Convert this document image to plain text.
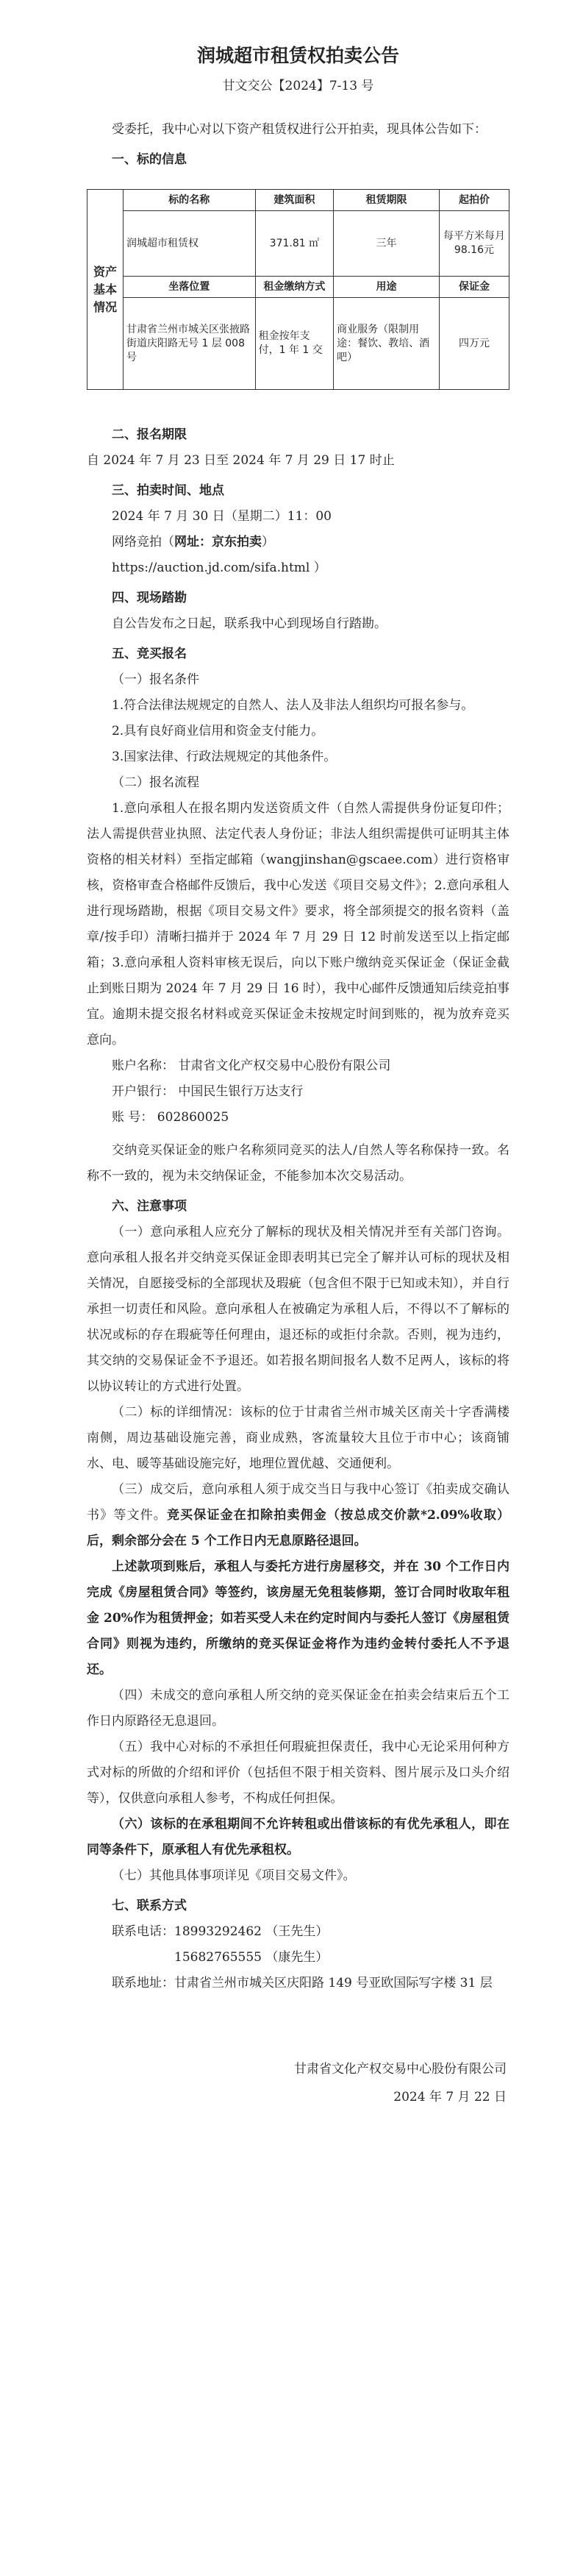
润城超市租赁权拍卖公告

甘文交公【2024】7-13 号

受委托，我中心对以下资产租赁权进行公开拍卖，现具体公告如下：

一、标的信息

资产基本情况	标的名称	建筑面积	租赁期限	起拍价
	润城超市租赁权	371.81 ㎡	三年	每平方米每月 98.16元
	坐落位置	租金缴纳方式	用途	保证金
	甘肃省兰州市城关区张掖路街道庆阳路无号 1 层 008 号	租金按年支付，1 年 1 交	商业服务（限制用途：餐饮、教培、酒吧）	四万元

二、报名期限

自 2024 年 7 月 23 日至 2024 年 7 月 29 日 17 时止

三、拍卖时间、地点

2024 年 7 月 30 日（星期二）11：00

网络竞拍（网址：京东拍卖）

https://auction.jd.com/sifa.html ）

四、现场踏勘

自公告发布之日起，联系我中心到现场自行踏勘。

五、竞买报名

（一）报名条件

1.符合法律法规规定的自然人、法人及非法人组织均可报名参与。

2.具有良好商业信用和资金支付能力。

3.国家法律、行政法规规定的其他条件。

（二）报名流程

1.意向承租人在报名期内发送资质文件（自然人需提供身份证复印件；法人需提供营业执照、法定代表人身份证；非法人组织需提供可证明其主体资格的相关材料）至指定邮箱（wangjinshan@gscaee.com）进行资格审核，资格审查合格邮件反馈后，我中心发送《项目交易文件》；2.意向承租人进行现场踏勘，根据《项目交易文件》要求，将全部须提交的报名资料（盖章/按手印）清晰扫描并于 2024 年 7 月 29 日 12 时前发送至以上指定邮箱；3.意向承租人资料审核无误后，向以下账户缴纳竞买保证金（保证金截止到账日期为 2024 年 7 月 29 日 16 时），我中心邮件反馈通知后续竞拍事宜。逾期未提交报名材料或竞买保证金未按规定时间到账的，视为放弃竞买意向。

账户名称： 甘肃省文化产权交易中心股份有限公司

开户银行： 中国民生银行万达支行

账 号： 602860025

交纳竞买保证金的账户名称须同竞买的法人/自然人等名称保持一致。名称不一致的，视为未交纳保证金，不能参加本次交易活动。

六、注意事项

（一）意向承租人应充分了解标的现状及相关情况并至有关部门咨询。意向承租人报名并交纳竞买保证金即表明其已完全了解并认可标的现状及相关情况，自愿接受标的全部现状及瑕疵（包含但不限于已知或未知），并自行承担一切责任和风险。意向承租人在被确定为承租人后，不得以不了解标的状况或标的存在瑕疵等任何理由，退还标的或拒付余款。否则，视为违约，其交纳的交易保证金不予退还。如若报名期间报名人数不足两人，该标的将以协议转让的方式进行处置。

（二）标的详细情况：该标的位于甘肃省兰州市城关区南关十字香满楼南侧，周边基础设施完善，商业成熟，客流量较大且位于市中心；该商铺水、电、暖等基础设施完好，地理位置优越、交通便利。

（三）成交后，意向承租人须于成交当日与我中心签订《拍卖成交确认书》等文件。竞买保证金在扣除拍卖佣金（按总成交价款*2.09%收取）后，剩余部分会在 5 个工作日内无息原路径退回。

上述款项到账后，承租人与委托方进行房屋移交，并在 30 个工作日内完成《房屋租赁合同》等签约，该房屋无免租装修期，签订合同时收取年租金 20%作为租赁押金；如若买受人未在约定时间内与委托人签订《房屋租赁合同》则视为违约，所缴纳的竞买保证金将作为违约金转付委托人不予退还。

（四）未成交的意向承租人所交纳的竞买保证金在拍卖会结束后五个工作日内原路径无息退回。

（五）我中心对标的不承担任何瑕疵担保责任，我中心无论采用何种方式对标的所做的介绍和评价（包括但不限于相关资料、图片展示及口头介绍等），仅供意向承租人参考，不构成任何担保。

（六）该标的在承租期间不允许转租或出借该标的有优先承租人，即在同等条件下，原承租人有优先承租权。

（七）其他具体事项详见《项目交易文件》。

七、联系方式

联系电话：18993292462 （王先生）

15682765555 （康先生）

联系地址：甘肃省兰州市城关区庆阳路 149 号亚欧国际写字楼 31 层

甘肃省文化产权交易中心股份有限公司

2024 年 7 月 22 日
